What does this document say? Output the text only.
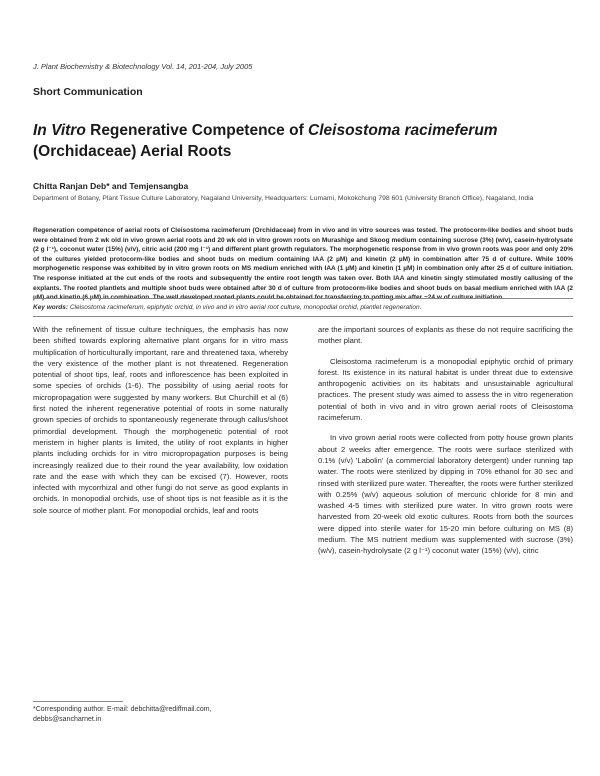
J. Plant Biochemistry & Biotechnology Vol. 14, 201-204, July 2005
Short Communication
In Vitro Regenerative Competence of Cleisostoma racimeferum (Orchidaceae) Aerial Roots
Chitta Ranjan Deb* and Temjensangba
Department of Botany, Plant Tissue Culture Laboratory, Nagaland University, Headquarters: Lumami, Mokokchung 798 601 (University Branch Office), Nagaland, India

Regeneration competence of aerial roots of Cleisostoma racimeferum (Orchidaceae) from in vivo and in vitro sources was tested. The protocorm-like bodies and shoot buds were obtained from 2 wk old in vivo grown aerial roots and 20 wk old in vitro grown roots on Murashige and Skoog medium containing sucrose (3%) (w/v), casein-hydrolysate (2 g l⁻¹), coconut water (15%) (v/v), citric acid (200 mg l⁻¹) and different plant growth regulators. The morphogenetic response from in vivo grown roots was poor and only 20% of the cultures yielded protocorm-like bodies and shoot buds on medium containing IAA (2 µM) and kinetin (2 µM) in combination after 75 d of culture. While 100% morphogenetic response was exhibited by in vitro grown roots on MS medium enriched with IAA (1 µM) and kinetin (1 µM) in combination only after 25 d of culture initiation. The response initiated at the cut ends of the roots and subsequently the entire root length was taken over. Both IAA and kinetin singly stimulated mostly callusing of the explants. The rooted plantlets and multiple shoot buds were obtained after 30 d of culture from protocorm-like bodies and shoot buds on basal medium enriched with IAA (2 µM) and kinetin (6 µM) in combination. The well developed rooted plants could be obtained for transferring to potting mix after ~24 w of culture initiation.

Key words: Cleisostoma racimeferum, epiphytic orchid, in vivo and in vitro aerial root culture, monopodial orchid, plantlet regeneration.

With the refinement of tissue culture techniques, the emphasis has now been shifted towards exploring alternative plant organs for in vitro mass multiplication of horticulturally important, rare and threatened taxa, whereby the very existence of the mother plant is not threatened. Regeneration potential of shoot tips, leaf, roots and inflorescence has been exploited in some species of orchids (1-6). The possibility of using aerial roots for micropropagation were suggested by many workers. But Churchill et al (6) first noted the inherent regenerative potential of roots in some naturally grown species of orchids to spontaneously regenerate through callus/shoot primordial development. Though the morphogenetic potential of root meristem in higher plants is limited, the utility of root explants in higher plants including orchids for in vitro micropropagation purposes is being increasingly realized due to their round the year availability, low oxidation rate and the ease with which they can be excised (7). However, roots infected with mycorrhizal and other fungi do not serve as good explants in orchids. In monopodial orchids, use of shoot tips is not feasible as it is the sole source of mother plant. For monopodial orchids, leaf and roots

are the important sources of explants as these do not require sacrificing the mother plant.

Cleisostoma racimeferum is a monopodial epiphytic orchid of primary forest. Its existence in its natural habitat is under threat due to extensive anthropogenic activities on its habitats and unsustainable agricultural practices. The present study was aimed to assess the in vitro regeneration potential of both in vivo and in vitro grown aerial roots of Cleisostoma racimeferum.

In vivo grown aerial roots were collected from potty house grown plants about 2 weeks after emergence. The roots were surface sterilized with 0.1% (v/v) 'Labolin' (a commercial laboratory detergent) under running tap water. The roots were sterilized by dipping in 70% ethanol for 30 sec and rinsed with sterilized pure water. Thereafter, the roots were further sterilized with 0.25% (w/v) aqueous solution of mercuric chloride for 8 min and washed 4-5 times with sterilized pure water. In vitro grown roots were harvested from 20-week old exotic cultures. Roots from both the sources were dipped into sterile water for 15-20 min before culturing on MS (8) medium. The MS nutrient medium was supplemented with sucrose (3%) (w/v), casein-hydrolysate (2 g l⁻¹) coconut water (15%) (v/v), citric

*Corresponding author. E-mail: debchitta@rediffmail.com,
debbs@sancharnet.in
